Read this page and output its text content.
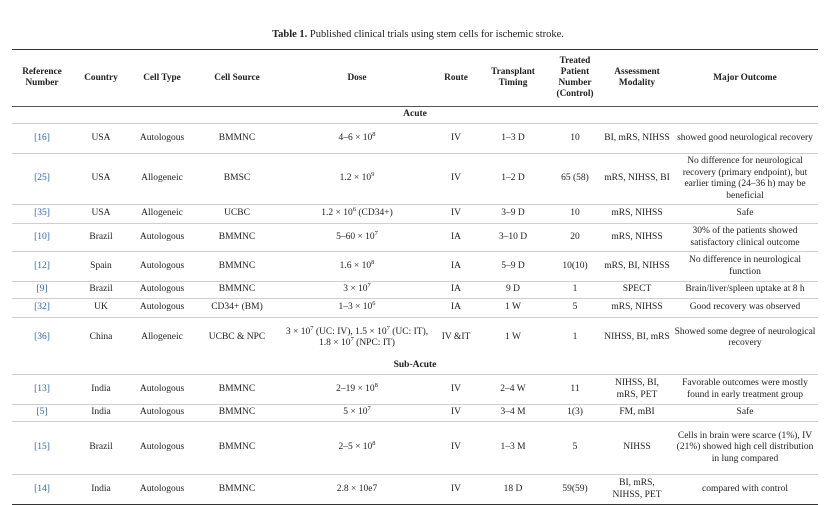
Table 1. Published clinical trials using stem cells for ischemic stroke.
Reference Number	Country	Cell Type	Cell Source	Dose	Route	Transplant Timing	Treated Patient Number (Control)	Assessment Modality	Major Outcome
Acute									
[16]	USA	Autologous	BMMNC	$4-6 \times 10^8$	IV	1–3 D	10	BI, mRS, NIHSS	showed good neurological recovery
[25]	USA	Allogeneic	BMSC	$1.2 \times 10^9$	IV	1–2 D	65 (58)	mRS, NIHSS, BI	No difference for neurological recovery (primary endpoint), but earlier timing (24–36 h) may be beneficial
[35]	USA	Allogeneic	UCBC	$1.2 \times 10^6$ (CD34+)	IV	3–9 D	10	mRS, NIHSS	Safe
[10]	Brazil	Autologous	BMMNC	$5-60 \times 10^7$	IA	3–10 D	20	mRS, NIHSS	30% of the patients showed satisfactory clinical outcome
[12]	Spain	Autologous	BMMNC	$1.6 \times 10^8$	IA	5–9 D	10(10)	mRS, BI, NIHSS	No difference in neurological function
[9]	Brazil	Autologous	BMMNC	$3 \times 10^7$	IA	9 D	1	SPECT	Brain/liver/spleen uptake at 8 h
[32]	UK	Autologous	CD34+ (BM)	$1-3 \times 10^6$	IA	1 W	5	mRS, NIHSS	Good recovery was observed
[36]	China	Allogeneic	UCBC & NPC	$3 \times 10^7$ (UC: IV), $1.5 \times 10^7$ (UC: IT), $1.8 \times 10^7$ (NPC: IT)	IV &IT	1 W	1	NIHSS, BI, mRS	Showed some degree of neurological recovery
Sub-Acute									
[13]	India	Autologous	BMMNC	$2-19 \times 10^8$	IV	2–4 W	11	NIHSS, BI, mRS, PET	Favorable outcomes were mostly found in early treatment group
[5]	India	Autologous	BMMNC	$5 \times 10^7$	IV	3–4 M	1(3)	FM, mBI	Safe
[15]	Brazil	Autologous	BMMNC	$2-5 \times 10^8$	IV	1–3 M	5	NIHSS	Cells in brain were scarce (1%), IV (21%) showed high cell distribution in lung compared
[14]	India	Autologous	BMMNC	2.8 × 10e7	IV	18 D	59(59)	BI, mRS, NIHSS, PET	compared with control
